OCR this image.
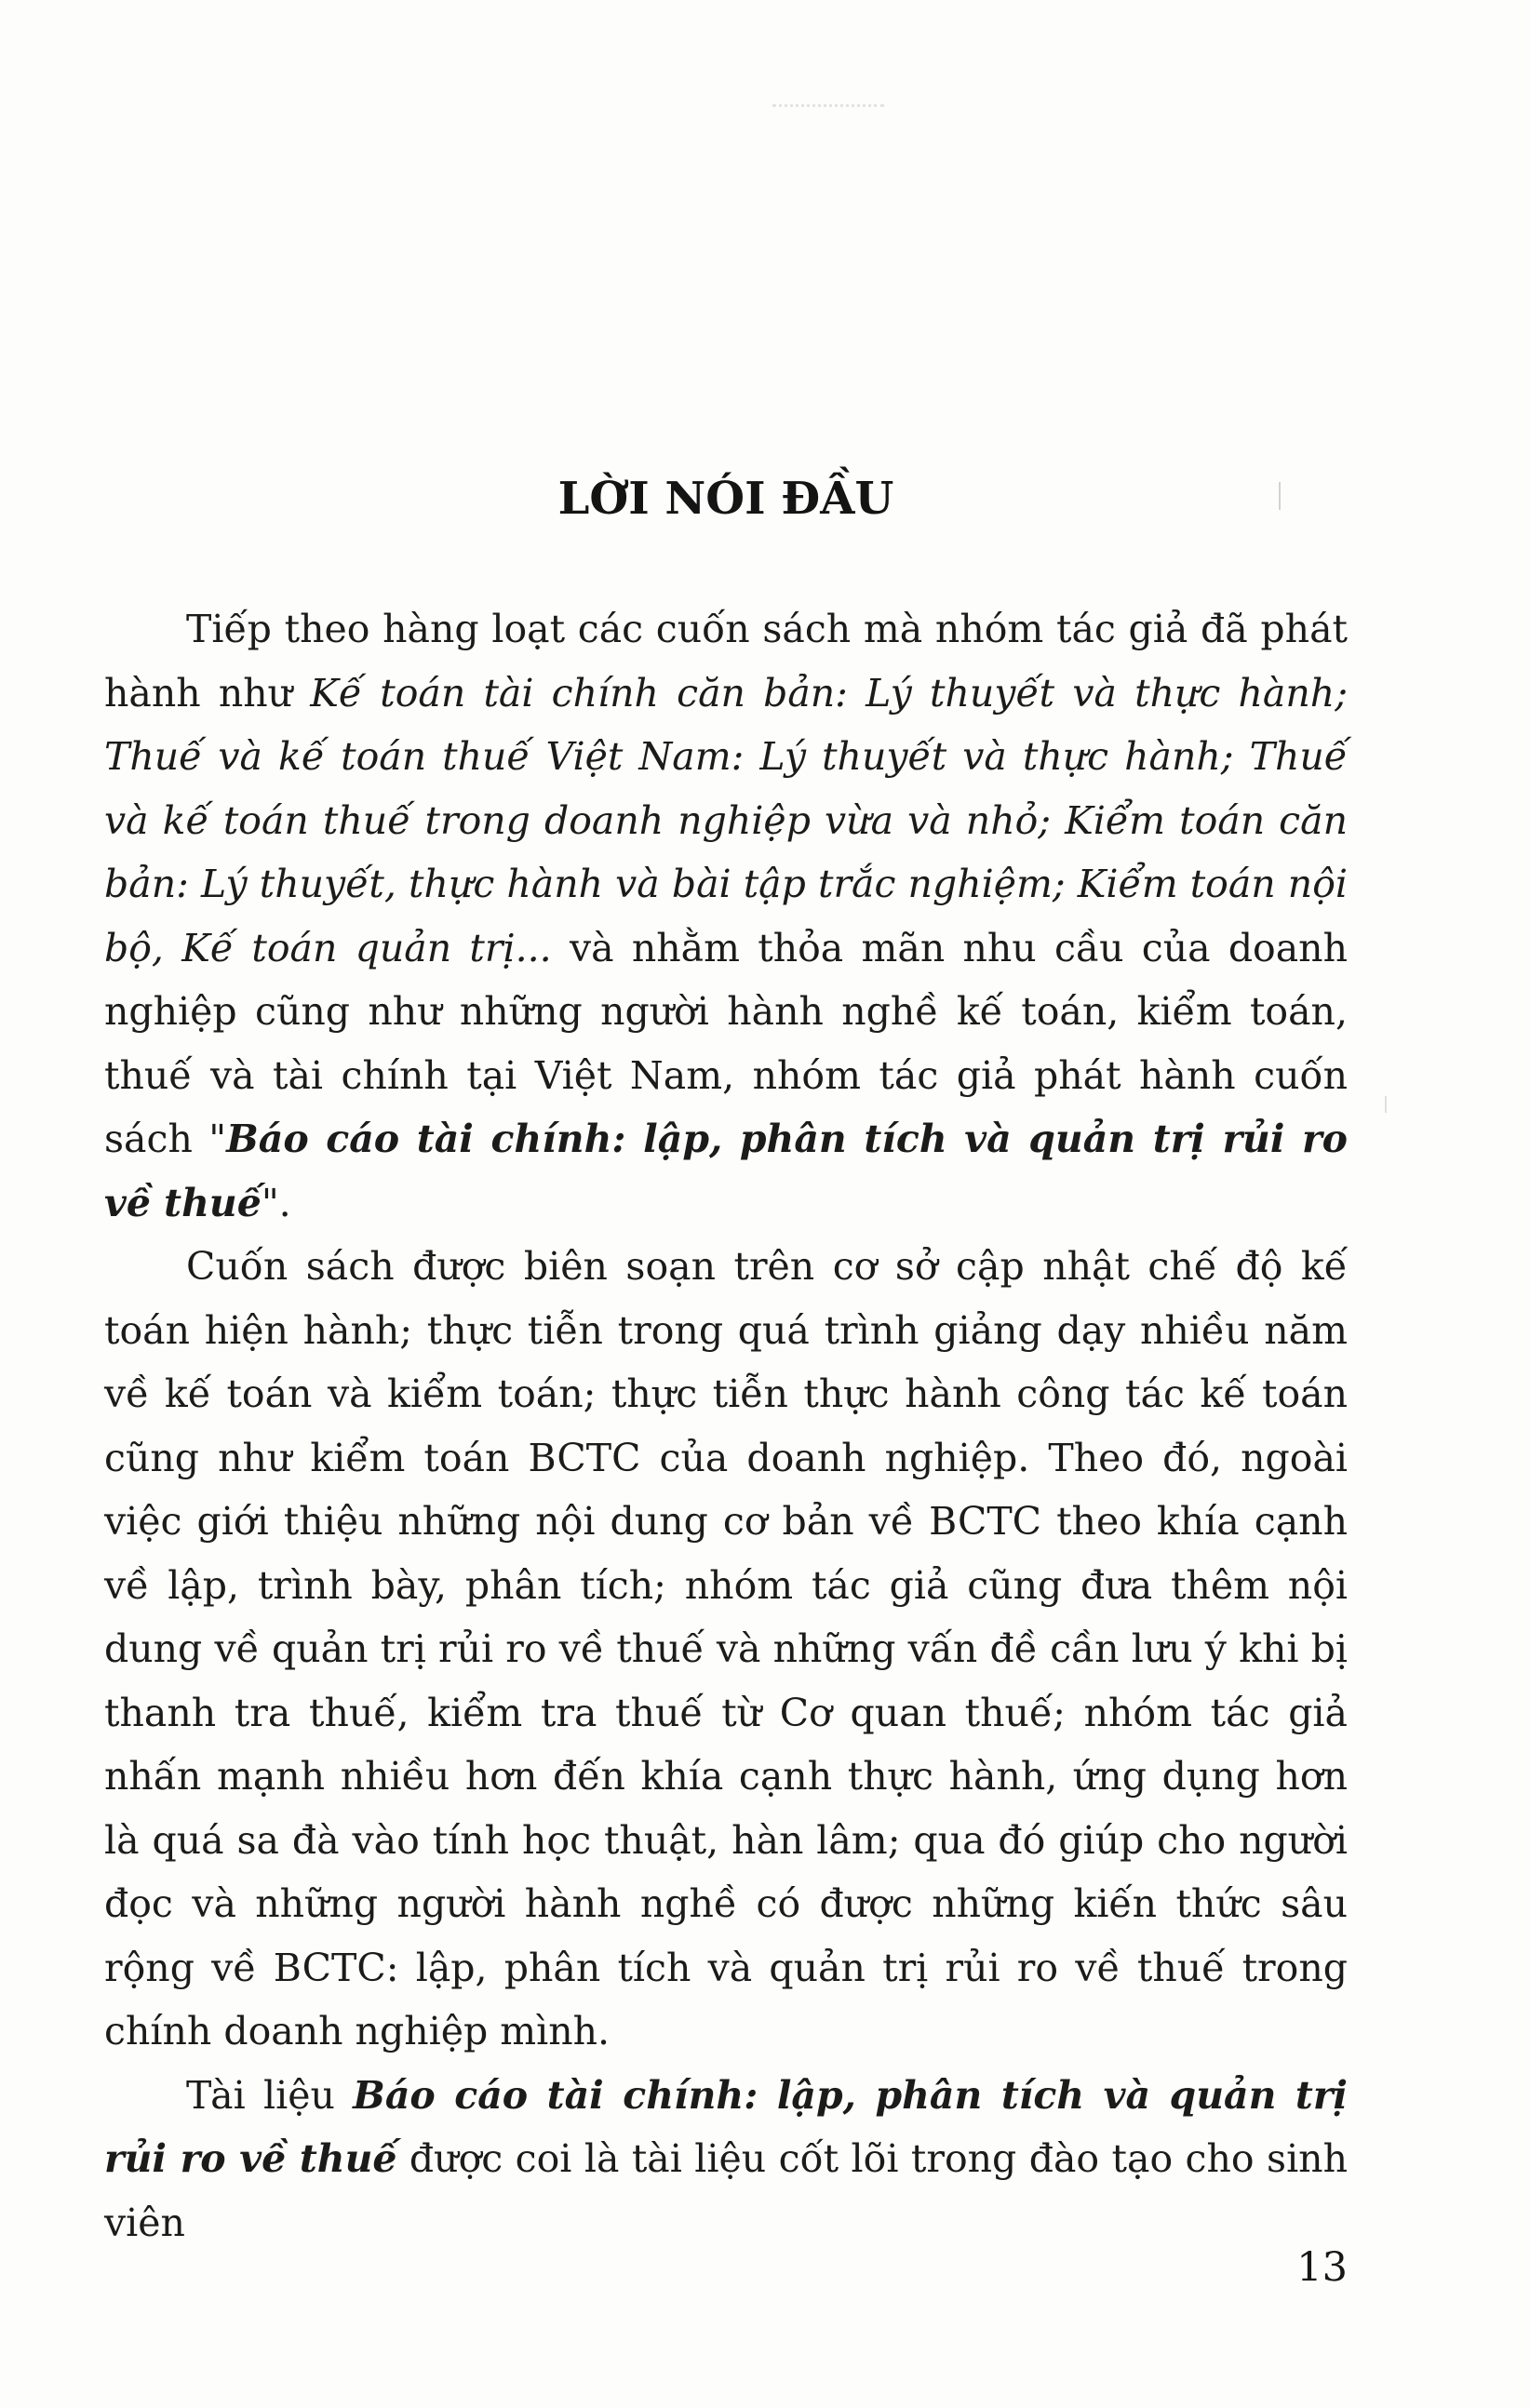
LỜI NÓI ĐẦU

Tiếp theo hàng loạt các cuốn sách mà nhóm tác giả đã phát hành như Kế toán tài chính căn bản: Lý thuyết và thực hành; Thuế và kế toán thuế Việt Nam: Lý thuyết và thực hành; Thuế và kế toán thuế trong doanh nghiệp vừa và nhỏ; Kiểm toán căn bản: Lý thuyết, thực hành và bài tập trắc nghiệm; Kiểm toán nội bộ, Kế toán quản trị... và nhằm thỏa mãn nhu cầu của doanh nghiệp cũng như những người hành nghề kế toán, kiểm toán, thuế và tài chính tại Việt Nam, nhóm tác giả phát hành cuốn sách "Báo cáo tài chính: lập, phân tích và quản trị rủi ro về thuế".

Cuốn sách được biên soạn trên cơ sở cập nhật chế độ kế toán hiện hành; thực tiễn trong quá trình giảng dạy nhiều năm về kế toán và kiểm toán; thực tiễn thực hành công tác kế toán cũng như kiểm toán BCTC của doanh nghiệp. Theo đó, ngoài việc giới thiệu những nội dung cơ bản về BCTC theo khía cạnh về lập, trình bày, phân tích; nhóm tác giả cũng đưa thêm nội dung về quản trị rủi ro về thuế và những vấn đề cần lưu ý khi bị thanh tra thuế, kiểm tra thuế từ Cơ quan thuế; nhóm tác giả nhấn mạnh nhiều hơn đến khía cạnh thực hành, ứng dụng hơn là quá sa đà vào tính học thuật, hàn lâm; qua đó giúp cho người đọc và những người hành nghề có được những kiến thức sâu rộng về BCTC: lập, phân tích và quản trị rủi ro về thuế trong chính doanh nghiệp mình.

Tài liệu Báo cáo tài chính: lập, phân tích và quản trị rủi ro về thuế được coi là tài liệu cốt lõi trong đào tạo cho sinh viên

13
